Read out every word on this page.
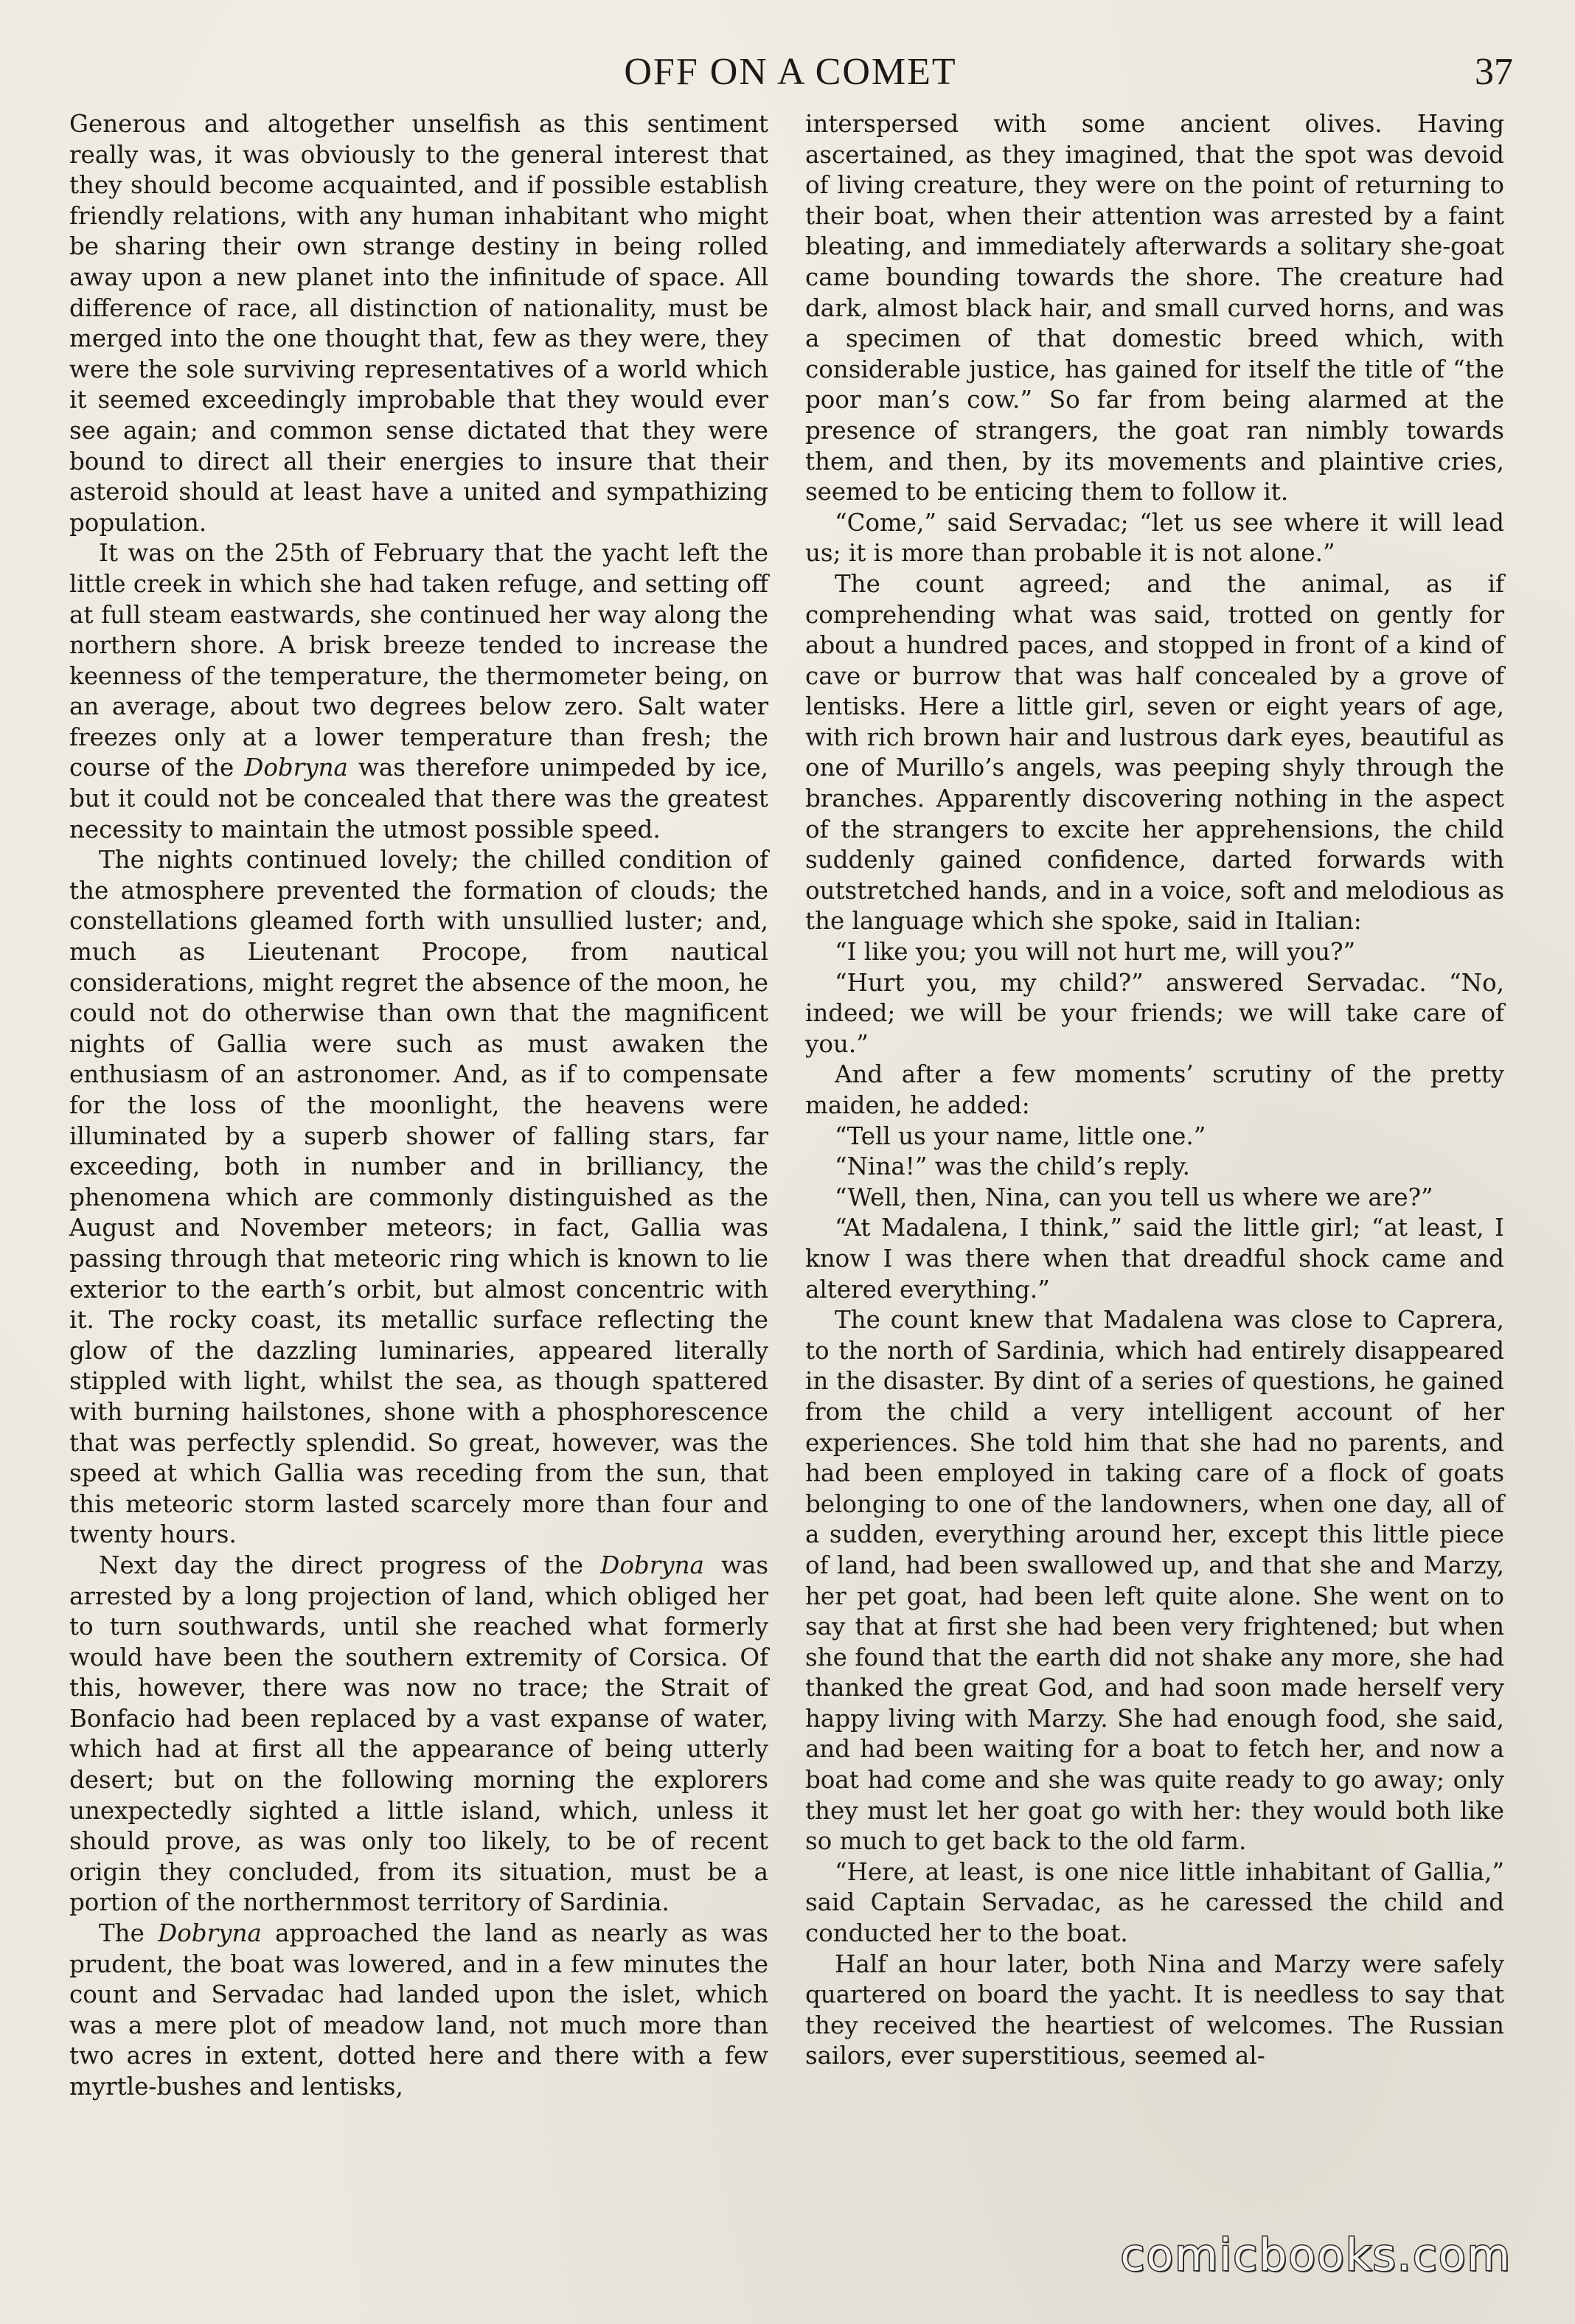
OFF ON A COMET	37

Generous and altogether unselfish as this sentiment really was, it was obviously to the general interest that they should become acquainted, and if possible establish friendly relations, with any human inhabitant who might be sharing their own strange destiny in being rolled away upon a new planet into the infinitude of space. All difference of race, all distinction of nationality, must be merged into the one thought that, few as they were, they were the sole surviving representatives of a world which it seemed exceedingly improbable that they would ever see again; and common sense dictated that they were bound to direct all their energies to insure that their asteroid should at least have a united and sympathizing population.

It was on the 25th of February that the yacht left the little creek in which she had taken refuge, and setting off at full steam eastwards, she continued her way along the northern shore. A brisk breeze tended to increase the keenness of the temperature, the thermometer being, on an average, about two degrees below zero. Salt water freezes only at a lower temperature than fresh; the course of the Dobryna was therefore unimpeded by ice, but it could not be concealed that there was the greatest necessity to maintain the utmost possible speed.

The nights continued lovely; the chilled condition of the atmosphere prevented the formation of clouds; the constellations gleamed forth with unsullied luster; and, much as Lieutenant Procope, from nautical considerations, might regret the absence of the moon, he could not do otherwise than own that the magnificent nights of Gallia were such as must awaken the enthusiasm of an astronomer. And, as if to compensate for the loss of the moonlight, the heavens were illuminated by a superb shower of falling stars, far exceeding, both in number and in brilliancy, the phenomena which are commonly distinguished as the August and November meteors; in fact, Gallia was passing through that meteoric ring which is known to lie exterior to the earth’s orbit, but almost concentric with it. The rocky coast, its metallic surface reflecting the glow of the dazzling luminaries, appeared literally stippled with light, whilst the sea, as though spattered with burning hailstones, shone with a phosphorescence that was perfectly splendid. So great, however, was the speed at which Gallia was receding from the sun, that this meteoric storm lasted scarcely more than four and twenty hours.

Next day the direct progress of the Dobryna was arrested by a long projection of land, which obliged her to turn southwards, until she reached what formerly would have been the southern extremity of Corsica. Of this, however, there was now no trace; the Strait of Bonfacio had been replaced by a vast expanse of water, which had at first all the appearance of being utterly desert; but on the following morning the explorers unexpectedly sighted a little island, which, unless it should prove, as was only too likely, to be of recent origin they concluded, from its situation, must be a portion of the northernmost territory of Sardinia.

The Dobryna approached the land as nearly as was prudent, the boat was lowered, and in a few minutes the count and Servadac had landed upon the islet, which was a mere plot of meadow land, not much more than two acres in extent, dotted here and there with a few myrtle-bushes and lentisks,

interspersed with some ancient olives. Having ascertained, as they imagined, that the spot was devoid of living creature, they were on the point of returning to their boat, when their attention was arrested by a faint bleating, and immediately afterwards a solitary she-goat came bounding towards the shore. The creature had dark, almost black hair, and small curved horns, and was a specimen of that domestic breed which, with considerable justice, has gained for itself the title of “the poor man’s cow.” So far from being alarmed at the presence of strangers, the goat ran nimbly towards them, and then, by its movements and plaintive cries, seemed to be enticing them to follow it.

“Come,” said Servadac; “let us see where it will lead us; it is more than probable it is not alone.”

The count agreed; and the animal, as if comprehending what was said, trotted on gently for about a hundred paces, and stopped in front of a kind of cave or burrow that was half concealed by a grove of lentisks. Here a little girl, seven or eight years of age, with rich brown hair and lustrous dark eyes, beautiful as one of Murillo’s angels, was peeping shyly through the branches. Apparently discovering nothing in the aspect of the strangers to excite her apprehensions, the child suddenly gained confidence, darted forwards with outstretched hands, and in a voice, soft and melodious as the language which she spoke, said in Italian:

“I like you; you will not hurt me, will you?”

“Hurt you, my child?” answered Servadac. “No, indeed; we will be your friends; we will take care of you.”

And after a few moments’ scrutiny of the pretty maiden, he added:

“Tell us your name, little one.”

“Nina!” was the child’s reply.

“Well, then, Nina, can you tell us where we are?”

“At Madalena, I think,” said the little girl; “at least, I know I was there when that dreadful shock came and altered everything.”

The count knew that Madalena was close to Caprera, to the north of Sardinia, which had entirely disappeared in the disaster. By dint of a series of questions, he gained from the child a very intelligent account of her experiences. She told him that she had no parents, and had been employed in taking care of a flock of goats belonging to one of the landowners, when one day, all of a sudden, everything around her, except this little piece of land, had been swallowed up, and that she and Marzy, her pet goat, had been left quite alone. She went on to say that at first she had been very frightened; but when she found that the earth did not shake any more, she had thanked the great God, and had soon made herself very happy living with Marzy. She had enough food, she said, and had been waiting for a boat to fetch her, and now a boat had come and she was quite ready to go away; only they must let her goat go with her: they would both like so much to get back to the old farm.

“Here, at least, is one nice little inhabitant of Gallia,” said Captain Servadac, as he caressed the child and conducted her to the boat.

Half an hour later, both Nina and Marzy were safely quartered on board the yacht. It is needless to say that they received the heartiest of welcomes. The Russian sailors, ever superstitious, seemed al-

comicbooks.com
